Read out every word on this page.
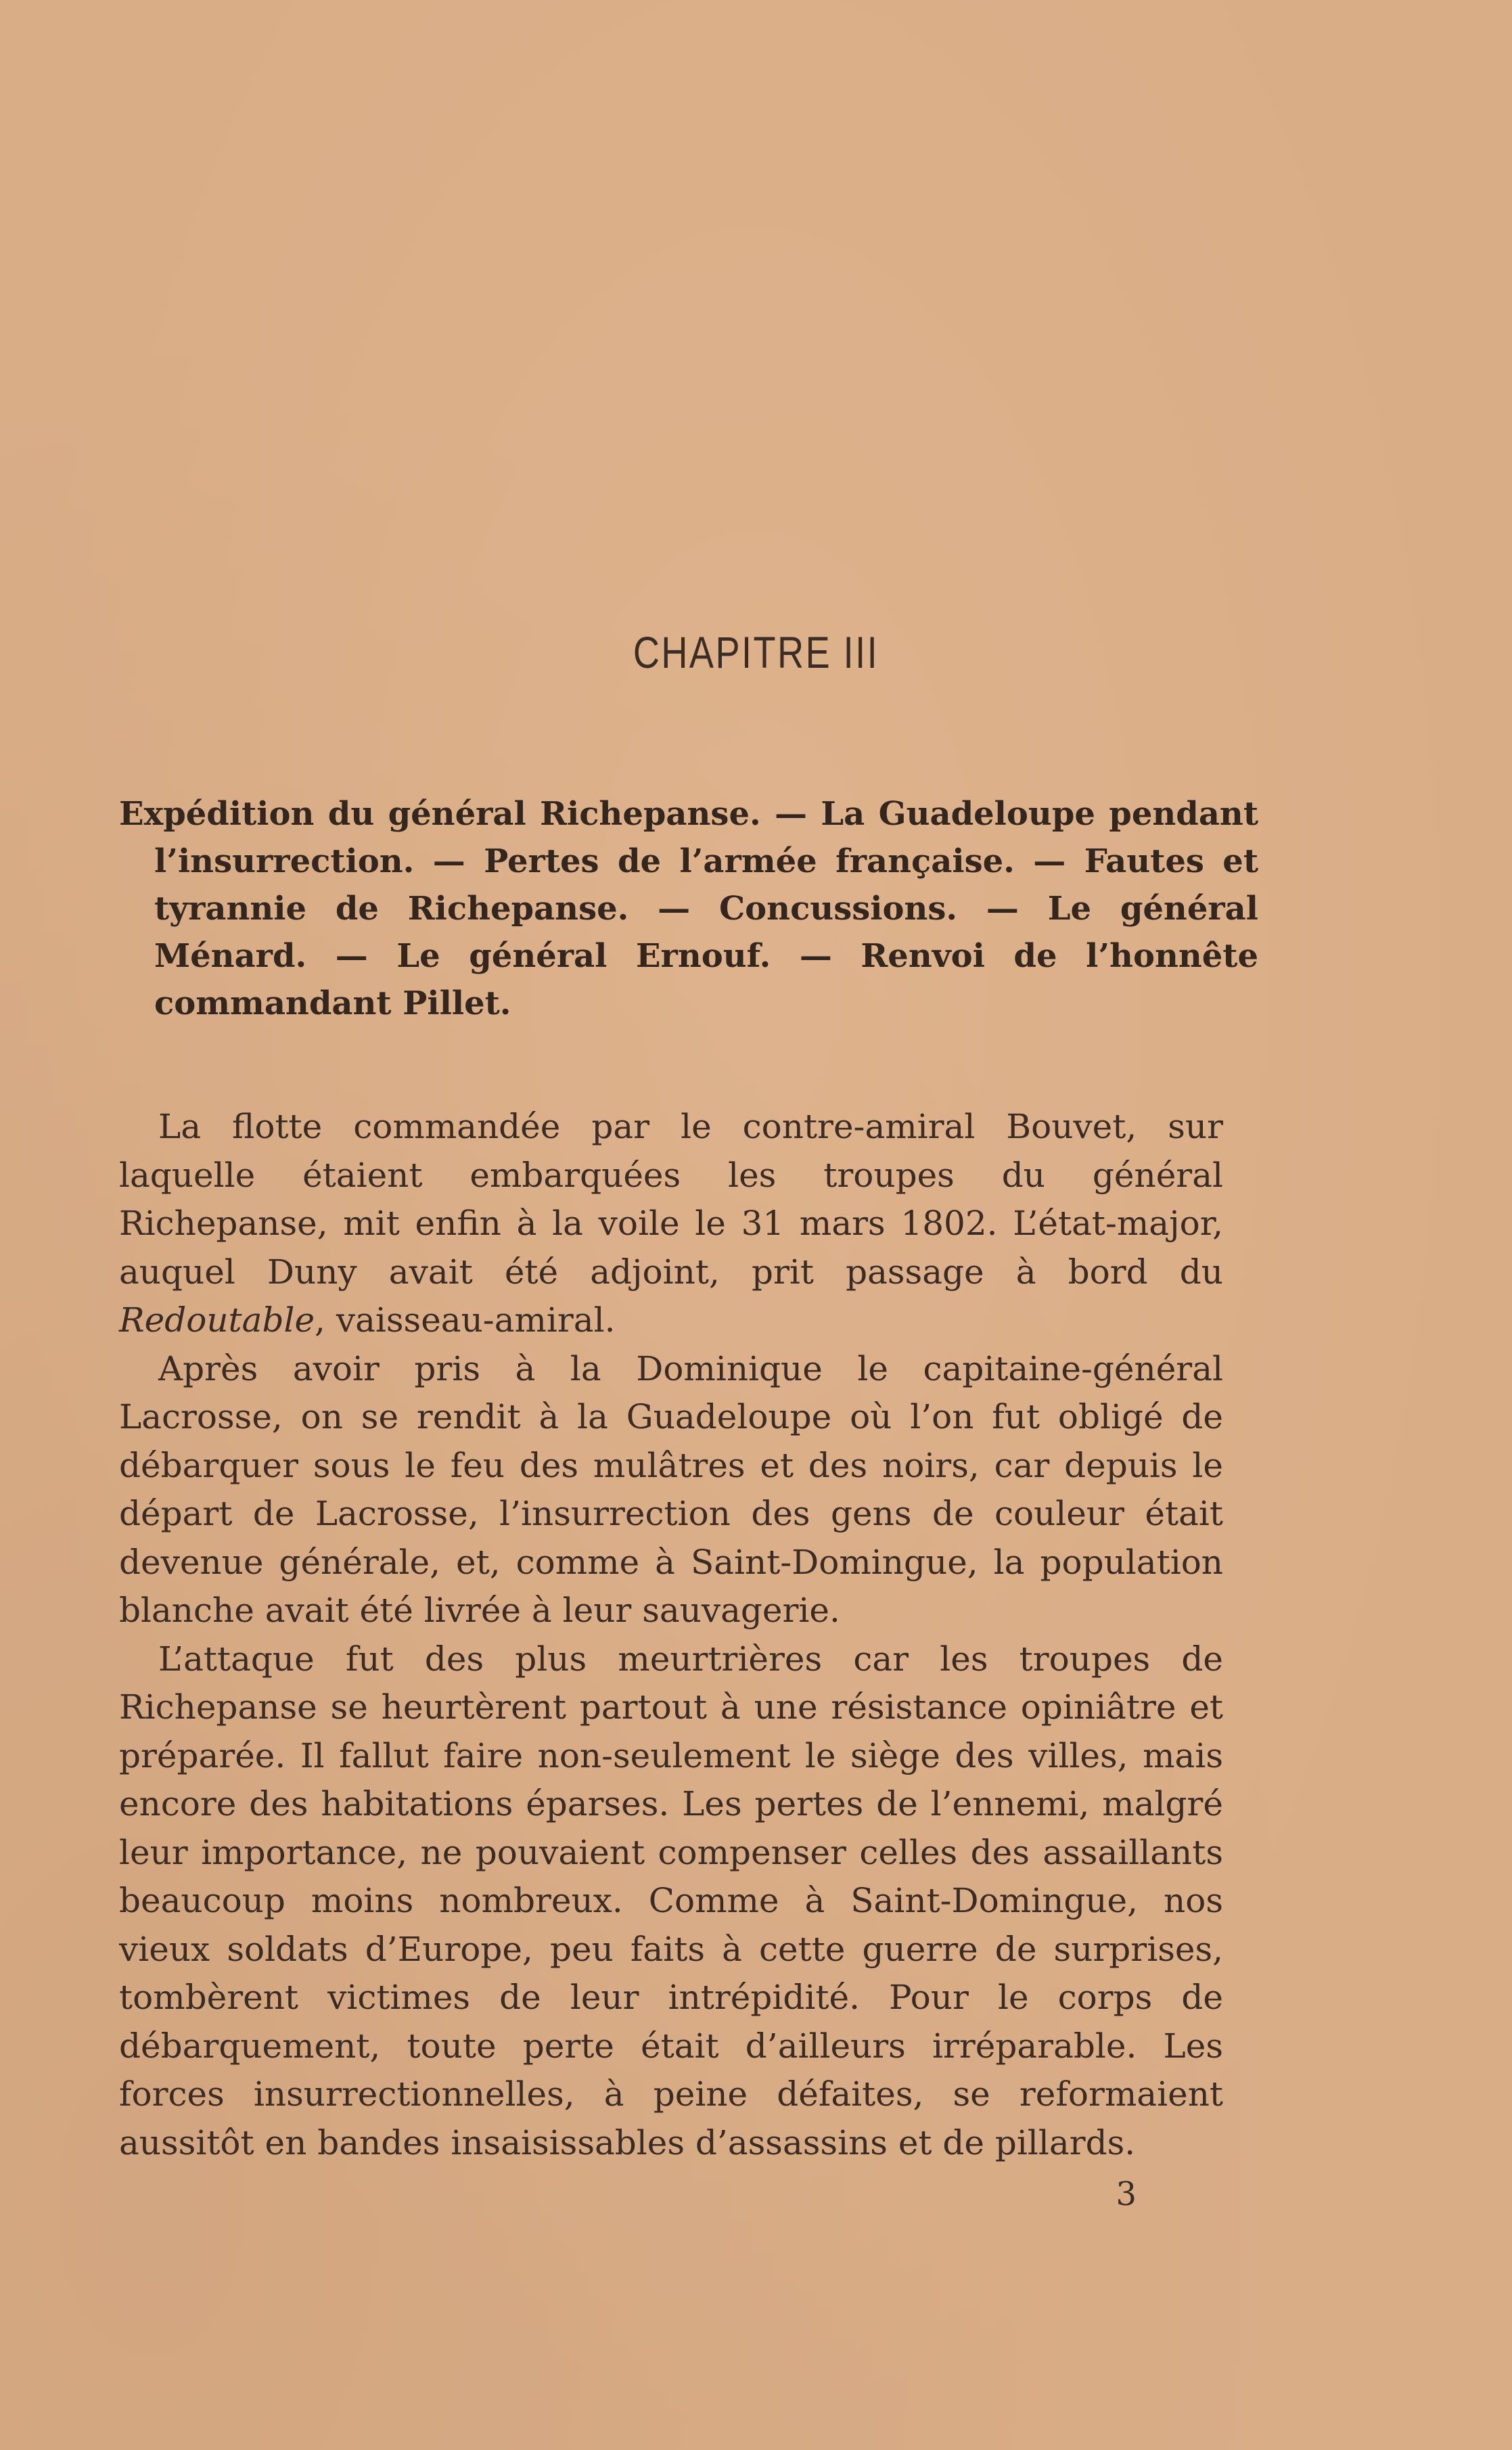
CHAPITRE III
Expédition du général Richepanse. — La Guadeloupe pendant l’insurrection. — Pertes de l’armée française. — Fautes et tyrannie de Richepanse. — Concussions. — Le général Ménard. — Le général Ernouf. — Renvoi de l’honnête commandant Pillet.

La flotte commandée par le contre-amiral Bouvet, sur laquelle étaient embarquées les troupes du général Richepanse, mit enfin à la voile le 31 mars 1802. L’état-major, auquel Duny avait été adjoint, prit passage à bord du Redoutable, vaisseau-amiral.

Après avoir pris à la Dominique le capitaine-général Lacrosse, on se rendit à la Guadeloupe où l’on fut obligé de débarquer sous le feu des mulâtres et des noirs, car depuis le départ de Lacrosse, l’insurrection des gens de couleur était devenue générale, et, comme à Saint-Domingue, la population blanche avait été livrée à leur sauvagerie.

L’attaque fut des plus meurtrières car les troupes de Richepanse se heurtèrent partout à une résistance opiniâtre et préparée. Il fallut faire non-seulement le siège des villes, mais encore des habitations éparses. Les pertes de l’ennemi, malgré leur importance, ne pouvaient compenser celles des assaillants beaucoup moins nombreux. Comme à Saint-Domingue, nos vieux soldats d’Europe, peu faits à cette guerre de surprises, tombèrent victimes de leur intrépidité. Pour le corps de débarquement, toute perte était d’ailleurs irréparable. Les forces insurrectionnelles, à peine défaites, se reformaient aussitôt en bandes insaisissables d’assassins et de pillards.

3
